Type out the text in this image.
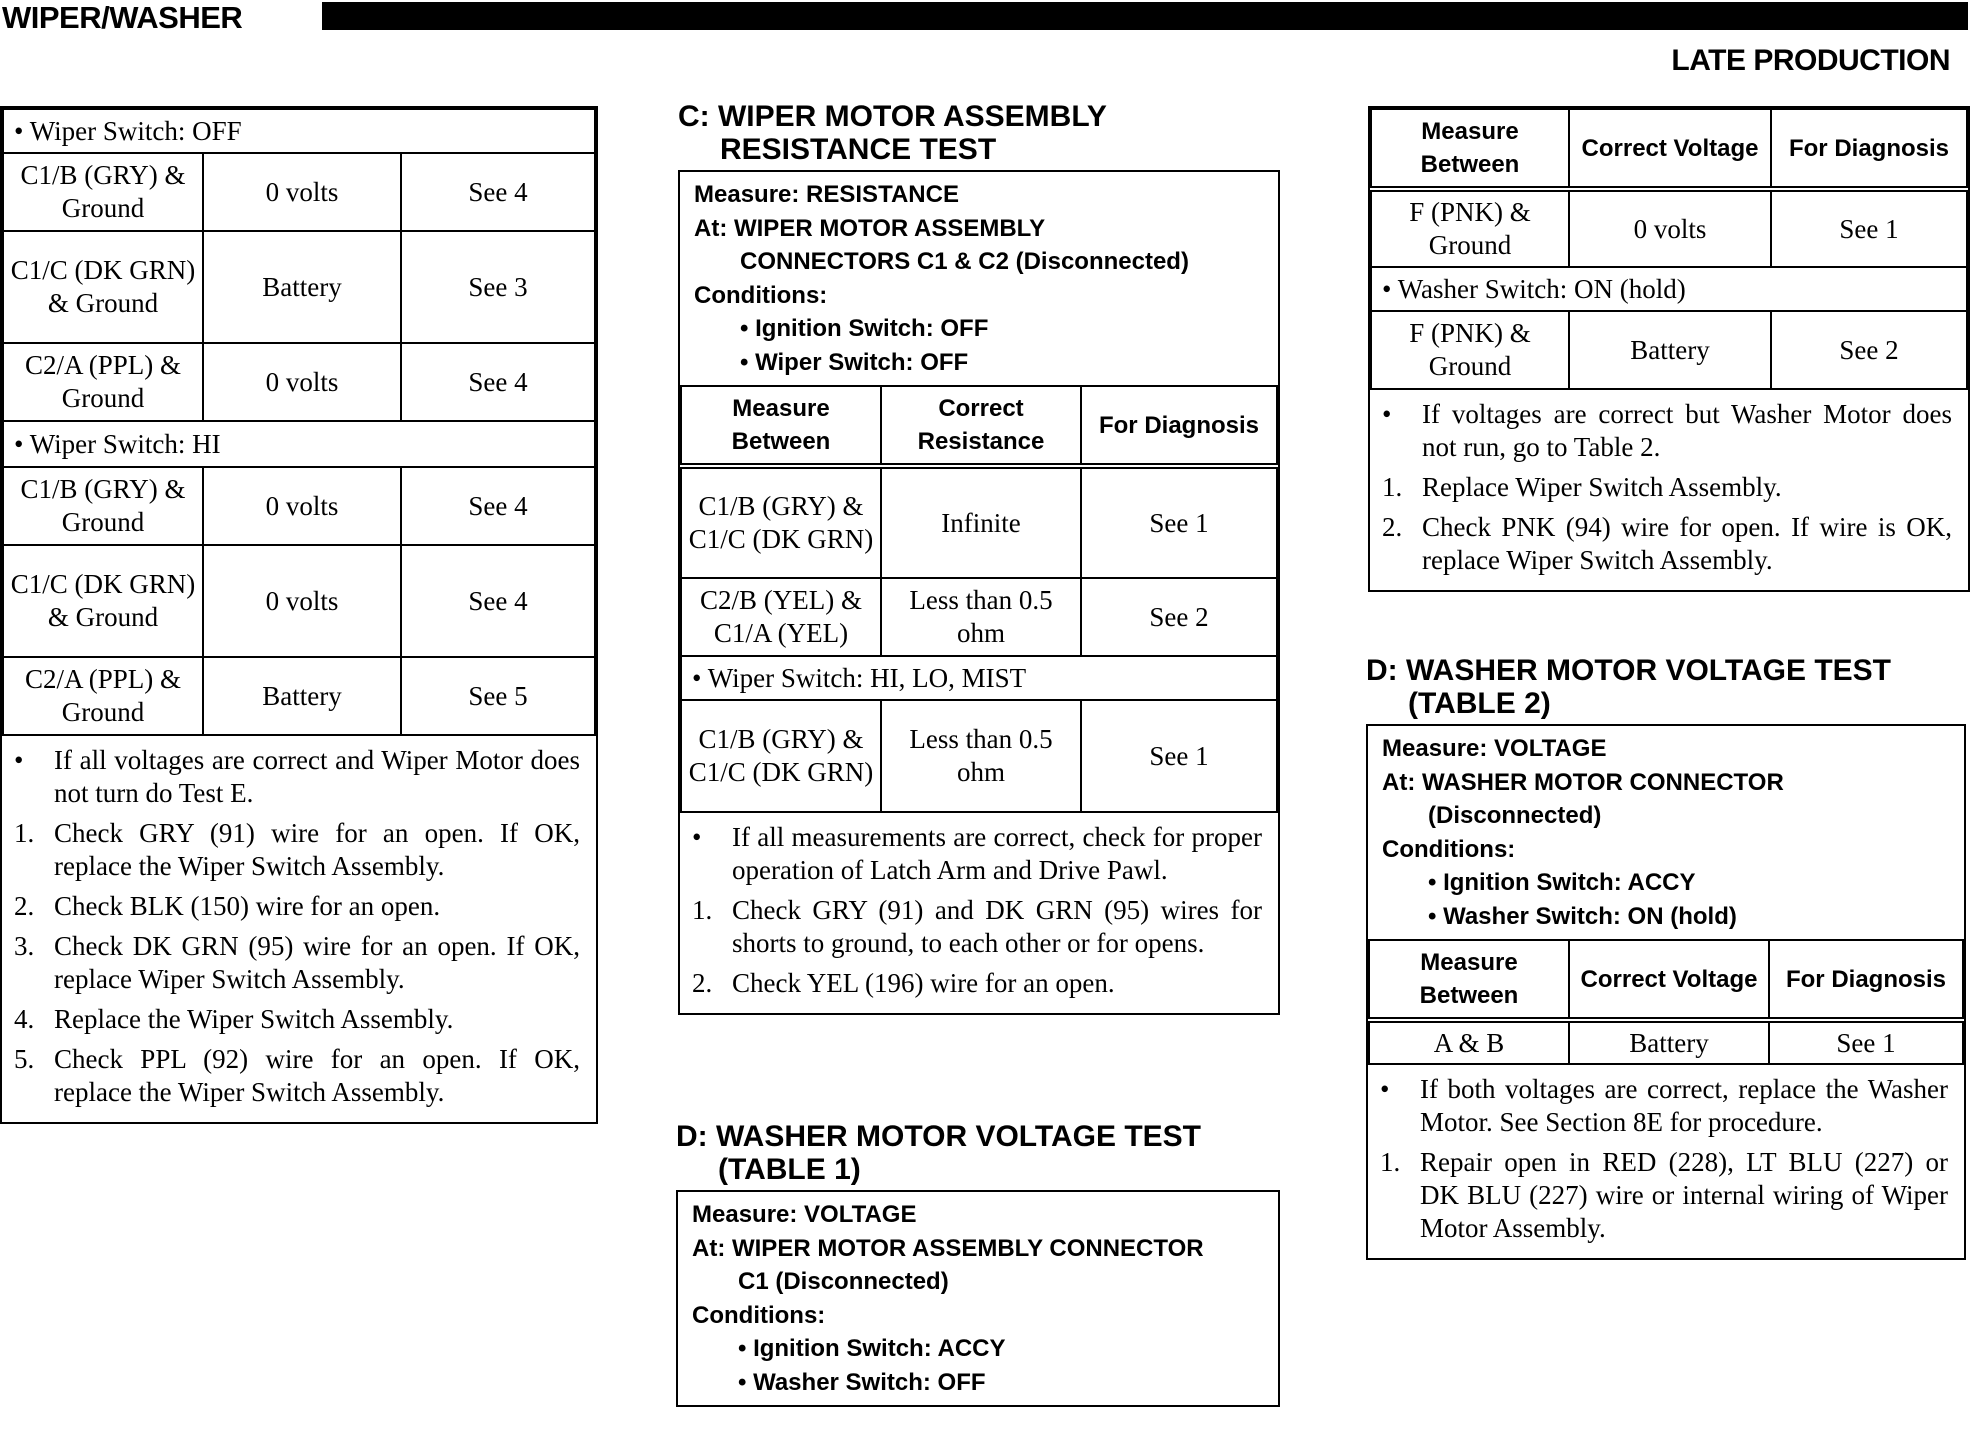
WIPER/WASHER
LATE PRODUCTION
• Wiper Switch: OFF		
C1/B (GRY) & Ground	0 volts	See 4
C1/C (DK GRN) & Ground	Battery	See 3
C2/A (PPL) & Ground	0 volts	See 4
• Wiper Switch: HI		
C1/B (GRY) & Ground	0 volts	See 4
C1/C (DK GRN) & Ground	0 volts	See 4
C2/A (PPL) & Ground	Battery	See 5
•	If all voltages are correct and Wiper Motor does not turn do Test E.
1. Check GRY (91) wire for an open. If OK, replace the Wiper Switch Assembly.
2. Check BLK (150) wire for an open.
3. Check DK GRN (95) wire for an open. If OK, replace Wiper Switch Assembly.
4. Replace the Wiper Switch Assembly.
5. Check PPL (92) wire for an open. If OK, replace the Wiper Switch Assembly.
C: WIPER MOTOR ASSEMBLY
RESISTANCE TEST
Measure: RESISTANCE
At: WIPER MOTOR ASSEMBLY
CONNECTORS C1 & C2 (Disconnected)
Conditions:
• Ignition Switch: OFF
• Wiper Switch: OFF
Measure Between	Correct Resistance	For Diagnosis
C1/B (GRY) & C1/C (DK GRN)	Infinite	See 1
C2/B (YEL) & C1/A (YEL)	Less than 0.5 ohm	See 2
• Wiper Switch: HI, LO, MIST		
C1/B (GRY) & C1/C (DK GRN)	Less than 0.5 ohm	See 1
•	If all measurements are correct, check for proper operation of Latch Arm and Drive Pawl.
1. Check GRY (91) and DK GRN (95) wires for shorts to ground, to each other or for opens.
2. Check YEL (196) wire for an open.
D: WASHER MOTOR VOLTAGE TEST
(TABLE 1)
Measure: VOLTAGE
At: WIPER MOTOR ASSEMBLY CONNECTOR
C1 (Disconnected)
Conditions:
• Ignition Switch: ACCY
• Washer Switch: OFF
Measure Between	Correct Voltage	For Diagnosis
F (PNK) & Ground	0 volts	See 1
• Washer Switch: ON (hold)		
F (PNK) & Ground	Battery	See 2
•	If voltages are correct but Washer Motor does not run, go to Table 2.
1. Replace Wiper Switch Assembly.
2. Check PNK (94) wire for open. If wire is OK, replace Wiper Switch Assembly.
D: WASHER MOTOR VOLTAGE TEST
(TABLE 2)
Measure: VOLTAGE
At: WASHER MOTOR CONNECTOR
(Disconnected)
Conditions:
• Ignition Switch: ACCY
• Washer Switch: ON (hold)
Measure Between	Correct Voltage	For Diagnosis
A & B	Battery	See 1
•	If both voltages are correct, replace the Washer Motor. See Section 8E for procedure.
1. Repair open in RED (228), LT BLU (227) or DK BLU (227) wire or internal wiring of Wiper Motor Assembly.
